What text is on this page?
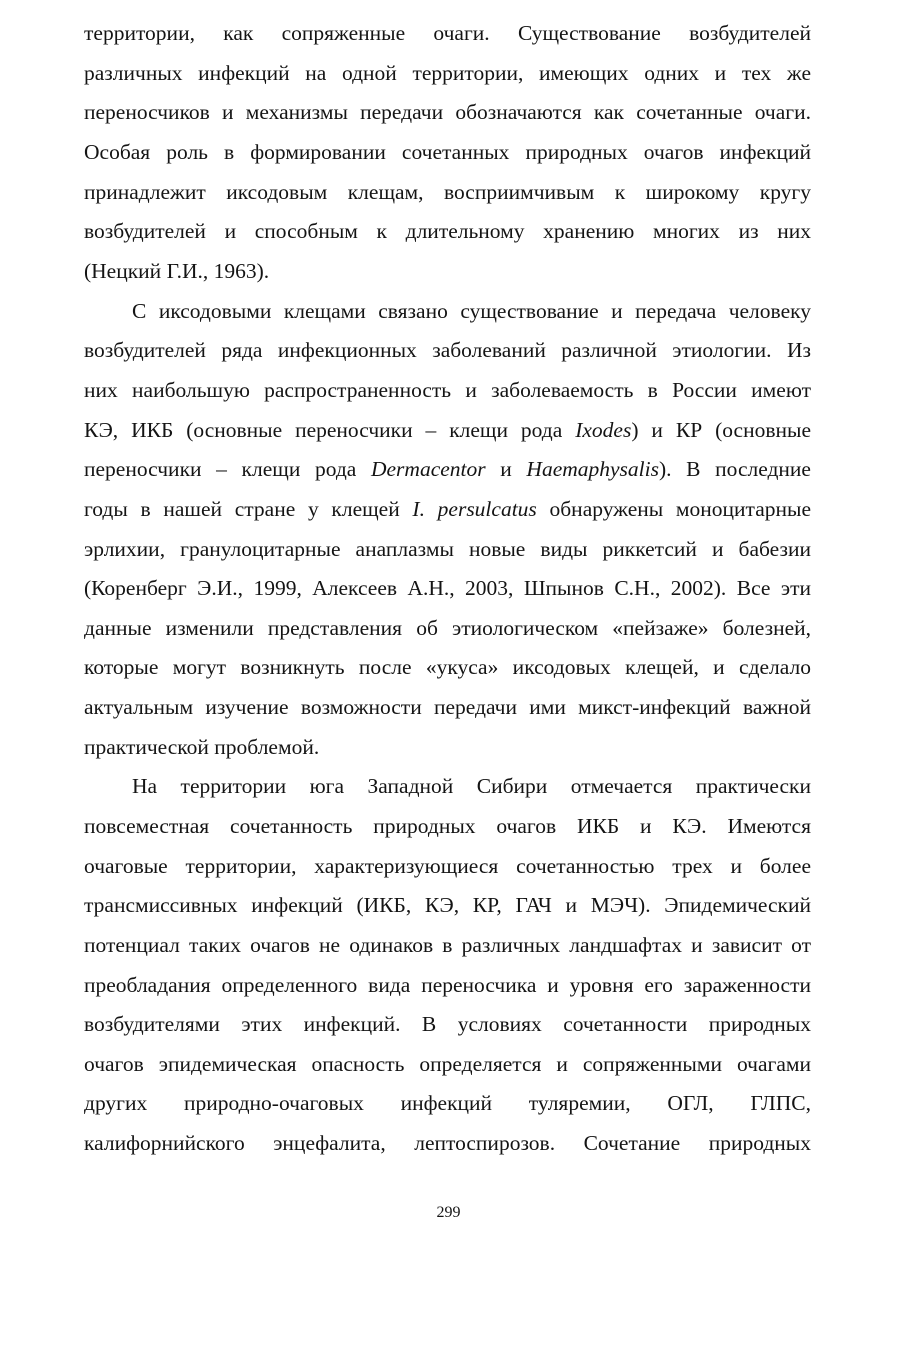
территории, как сопряженные очаги. Существование возбудителей
различных инфекций на одной территории, имеющих одних и тех же
переносчиков и механизмы передачи обозначаются как сочетанные очаги.
Особая роль в формировании сочетанных природных очагов инфекций
принадлежит иксодовым клещам, восприимчивым к широкому кругу
возбудителей и способным к длительному хранению многих из них
(Нецкий Г.И., 1963).
С иксодовыми клещами связано существование и передача человеку
возбудителей ряда инфекционных заболеваний различной этиологии. Из
них наибольшую распространенность и заболеваемость в России имеют
КЭ, ИКБ (основные переносчики – клещи рода Ixodes) и КР (основные
переносчики – клещи рода Dermacentor и Haemaphysalis). В последние
годы в нашей стране у клещей I. persulcatus обнаружены моноцитарные
эрлихии, гранулоцитарные анаплазмы новые виды риккетсий и бабезии
(Коренберг Э.И., 1999, Алексеев А.Н., 2003, Шпынов С.Н., 2002). Все эти
данные изменили представления об этиологическом «пейзаже» болезней,
которые могут возникнуть после «укуса» иксодовых клещей, и сделало
актуальным изучение возможности передачи ими микст-инфекций важной
практической проблемой.
На территории юга Западной Сибири отмечается практически
повсеместная сочетанность природных очагов ИКБ и КЭ. Имеются
очаговые территории, характеризующиеся сочетанностью трех и более
трансмиссивных инфекций (ИКБ, КЭ, КР, ГАЧ и МЭЧ). Эпидемический
потенциал таких очагов не одинаков в различных ландшафтах и зависит от
преобладания определенного вида переносчика и уровня его зараженности
возбудителями этих инфекций. В условиях сочетанности природных
очагов эпидемическая опасность определяется и сопряженными очагами
других природно-очаговых инфекций туляремии, ОГЛ, ГЛПС,
калифорнийского энцефалита, лептоспирозов. Сочетание природных
299
